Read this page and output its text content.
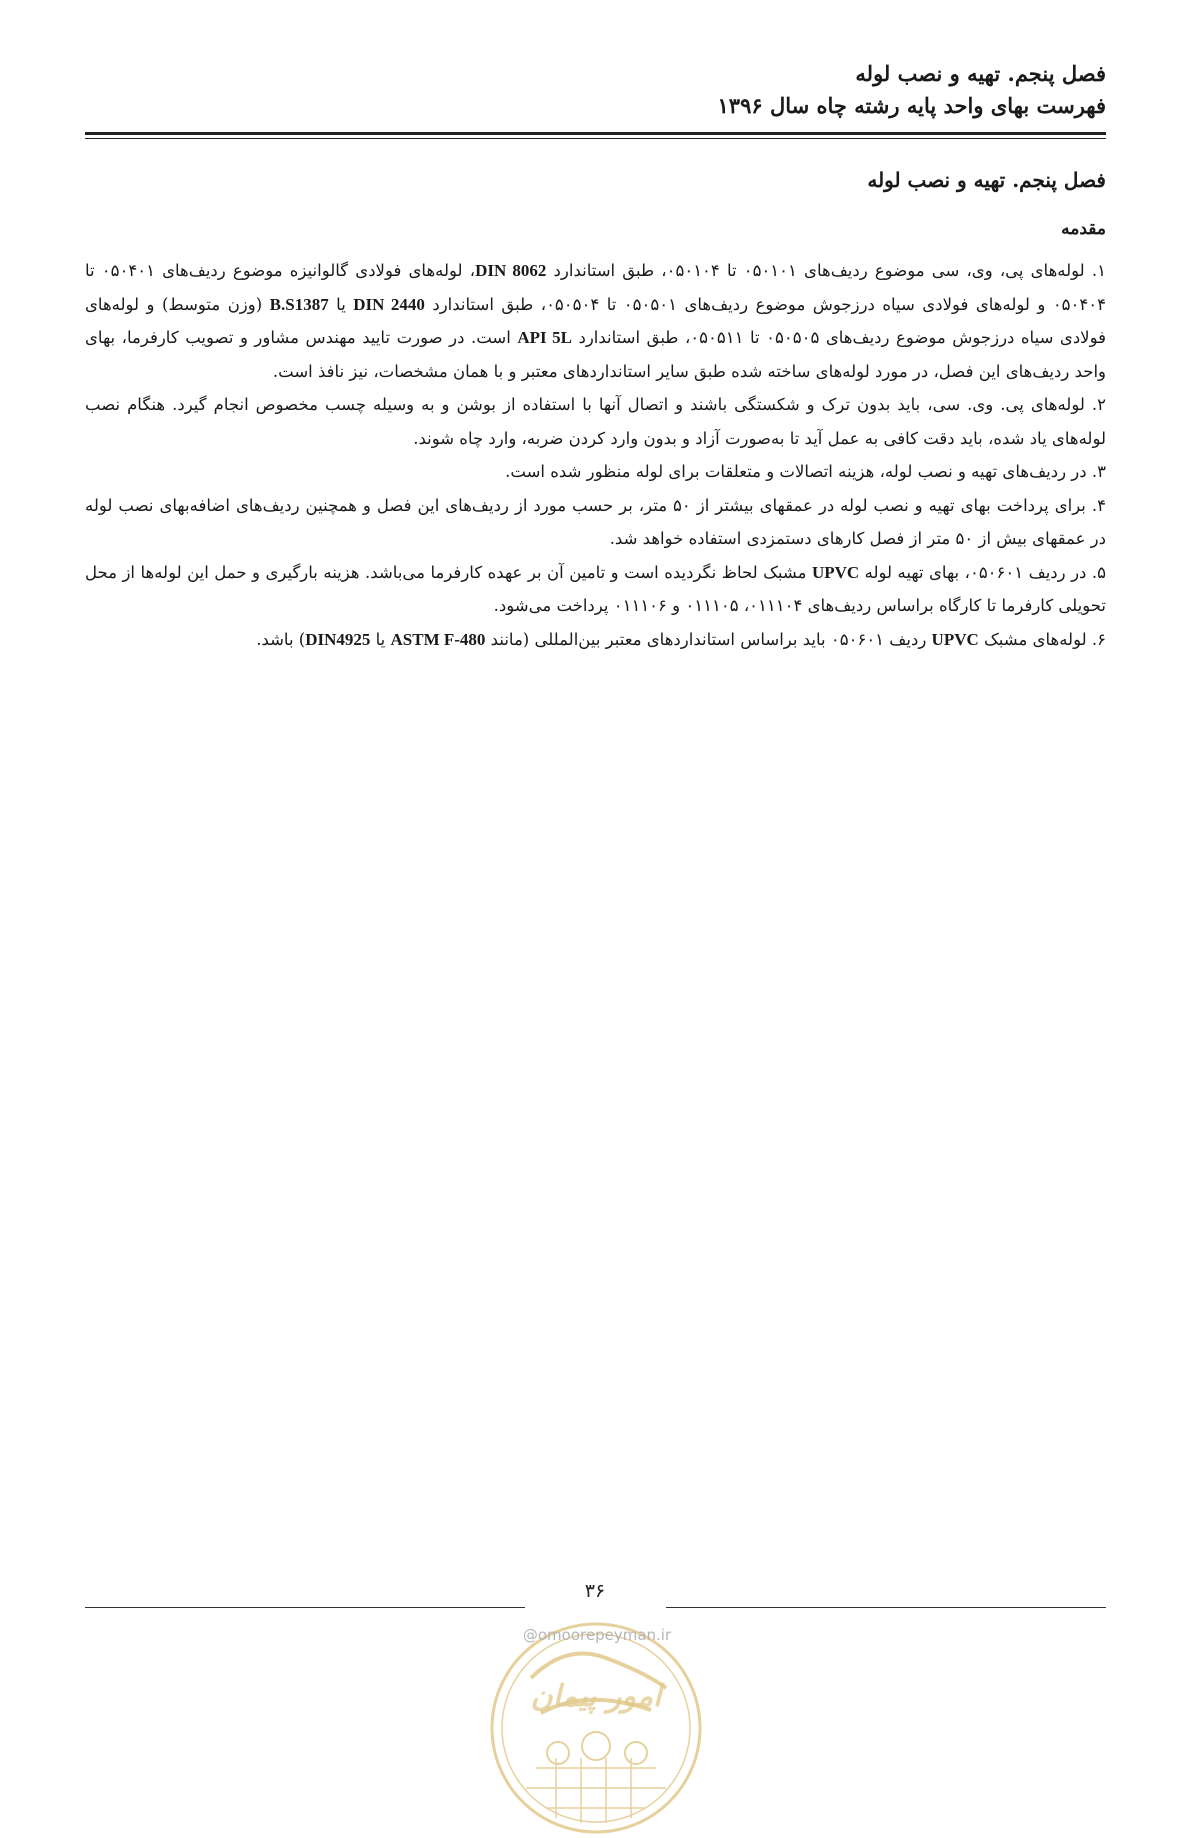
فصل پنجم. تهیه و نصب لوله
فهرست بهای واحد پایه رشته چاه سال ۱۳۹۶
فصل پنجم. تهیه و نصب لوله
مقدمه

۱. لوله‌های پی، وی، سی موضوع ردیف‌های ۰۵۰۱۰۱ تا ۰۵۰۱۰۴، طبق استاندارد DIN 8062، لوله‌های فولادی گالوانیزه موضوع ردیف‌های ۰۵۰۴۰۱ تا ۰۵۰۴۰۴ و لوله‌های فولادی سیاه درزجوش موضوع ردیف‌های ۰۵۰۵۰۱ تا ۰۵۰۵۰۴، طبق استاندارد DIN 2440 یا B.S1387 (وزن متوسط) و لوله‌های فولادی سیاه درزجوش موضوع ردیف‌های ۰۵۰۵۰۵ تا ۰۵۰۵۱۱، طبق استاندارد API 5L است. در صورت تایید مهندس مشاور و تصویب کارفرما، بهای واحد ردیف‌های این فصل، در مورد لوله‌های ساخته شده طبق سایر استانداردهای معتبر و با همان مشخصات، نیز نافذ است.

۲. لوله‌های پی. وی. سی، باید بدون ترک و شکستگی باشند و اتصال آنها با استفاده از بوشن و به وسیله چسب مخصوص انجام گیرد. هنگام نصب لوله‌های یاد شده، باید دقت کافی به عمل آید تا به‌صورت آزاد و بدون وارد کردن ضربه، وارد چاه شوند.

۳. در ردیف‌های تهیه و نصب لوله، هزینه اتصالات و متعلقات برای لوله منظور شده است.

۴. برای پرداخت بهای تهیه و نصب لوله در عمقهای بیشتر از ۵۰ متر، بر حسب مورد از ردیف‌های این فصل و همچنین ردیف‌های اضافه‌بهای نصب لوله در عمقهای بیش از ۵۰ متر از فصل کارهای دستمزدی استفاده خواهد شد.

۵. در ردیف ۰۵۰۶۰۱، بهای تهیه لوله UPVC مشبک لحاظ نگردیده است و تامین آن بر عهده کارفرما می‌باشد. هزینه بارگیری و حمل این لوله‌ها از محل تحویلی کارفرما تا کارگاه براساس ردیف‌های ۰۱۱۱۰۴، ۰۱۱۱۰۵ و ۰۱۱۱۰۶ پرداخت می‌شود.

۶. لوله‌های مشبک UPVC ردیف ۰۵۰۶۰۱ باید براساس استانداردهای معتبر بین‌المللی (مانند ASTM F-480 یا DIN4925) باشد.

امور پیمان
۳۶
@omoorepeyman.ir
